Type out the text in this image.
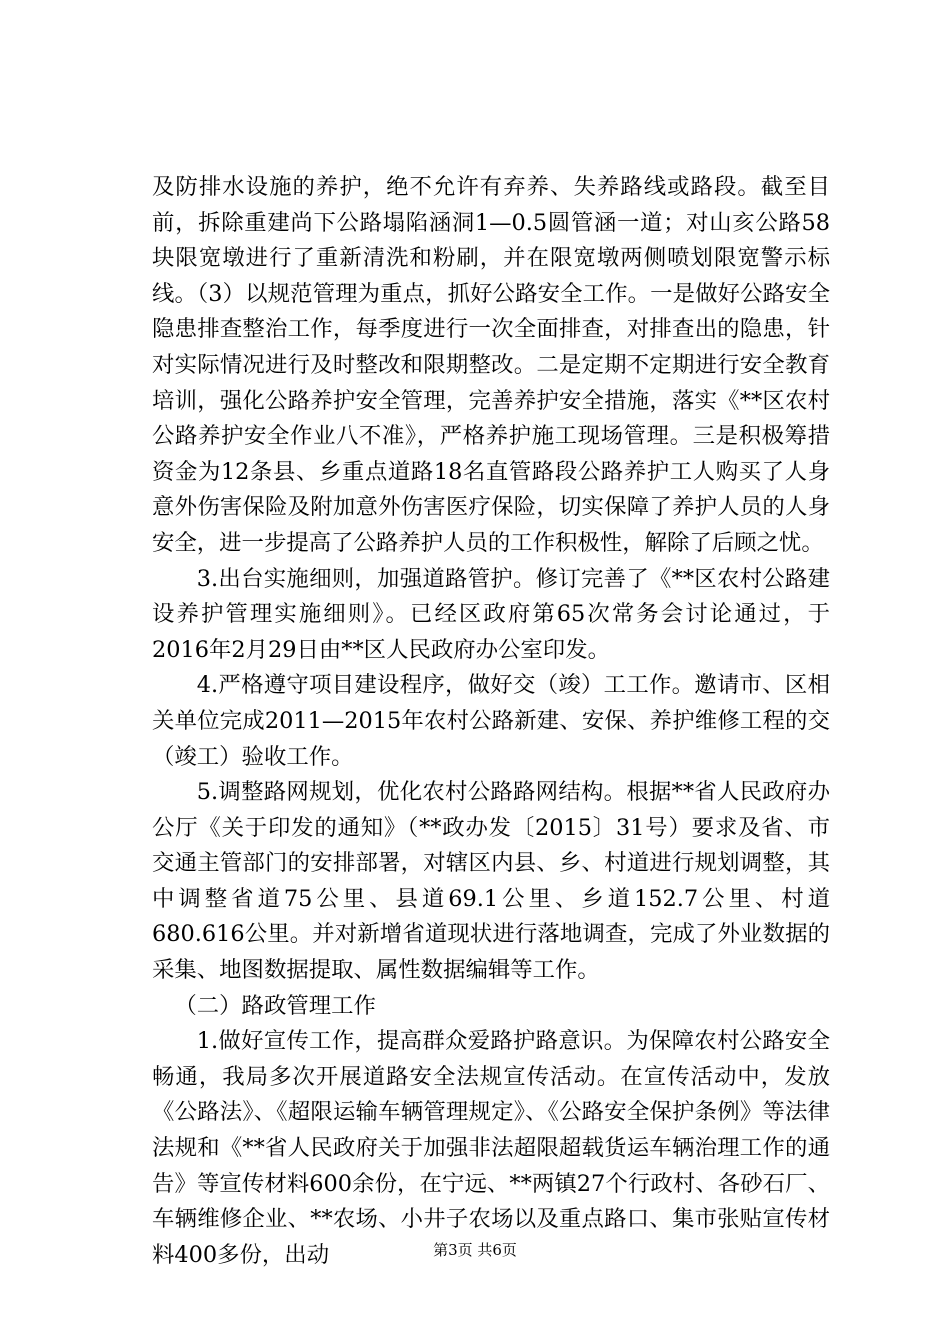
及防排水设施的养护，绝不允许有弃养、失养路线或路段。截至目前，拆除重建尚下公路塌陷涵洞1—0.5圆管涵一道；对山亥公路58块限宽墩进行了重新清洗和粉刷，并在限宽墩两侧喷划限宽警示标线。（3）以规范管理为重点，抓好公路安全工作。一是做好公路安全隐患排查整治工作，每季度进行一次全面排查，对排查出的隐患，针对实际情况进行及时整改和限期整改。二是定期不定期进行安全教育培训，强化公路养护安全管理，完善养护安全措施，落实《**区农村公路养护安全作业八不准》，严格养护施工现场管理。三是积极筹措资金为12条县、乡重点道路18名直管路段公路养护工人购买了人身意外伤害保险及附加意外伤害医疗保险，切实保障了养护人员的人身安全，进一步提高了公路养护人员的工作积极性，解除了后顾之忧。

3.出台实施细则，加强道路管护。修订完善了《**区农村公路建设养护管理实施细则》。已经区政府第65次常务会讨论通过，于2016年2月29日由**区人民政府办公室印发。

4.严格遵守项目建设程序，做好交（竣）工工作。邀请市、区相关单位完成2011—2015年农村公路新建、安保、养护维修工程的交（竣工）验收工作。

5.调整路网规划，优化农村公路路网结构。根据**省人民政府办公厅《关于印发的通知》（**政办发〔2015〕31号）要求及省、市交通主管部门的安排部署，对辖区内县、乡、村道进行规划调整，其中调整省道75公里、县道69.1公里、乡道152.7公里、村道680.616公里。并对新增省道现状进行落地调查，完成了外业数据的采集、地图数据提取、属性数据编辑等工作。

（二）路政管理工作

1.做好宣传工作，提高群众爱路护路意识。为保障农村公路安全畅通，我局多次开展道路安全法规宣传活动。在宣传活动中，发放《公路法》、《超限运输车辆管理规定》、《公路安全保护条例》等法律法规和《**省人民政府关于加强非法超限超载货运车辆治理工作的通告》等宣传材料600余份，在宁远、**两镇27个行政村、各砂石厂、车辆维修企业、**农场、小井子农场以及重点路口、集市张贴宣传材料400多份，出动	第3页 共6页
